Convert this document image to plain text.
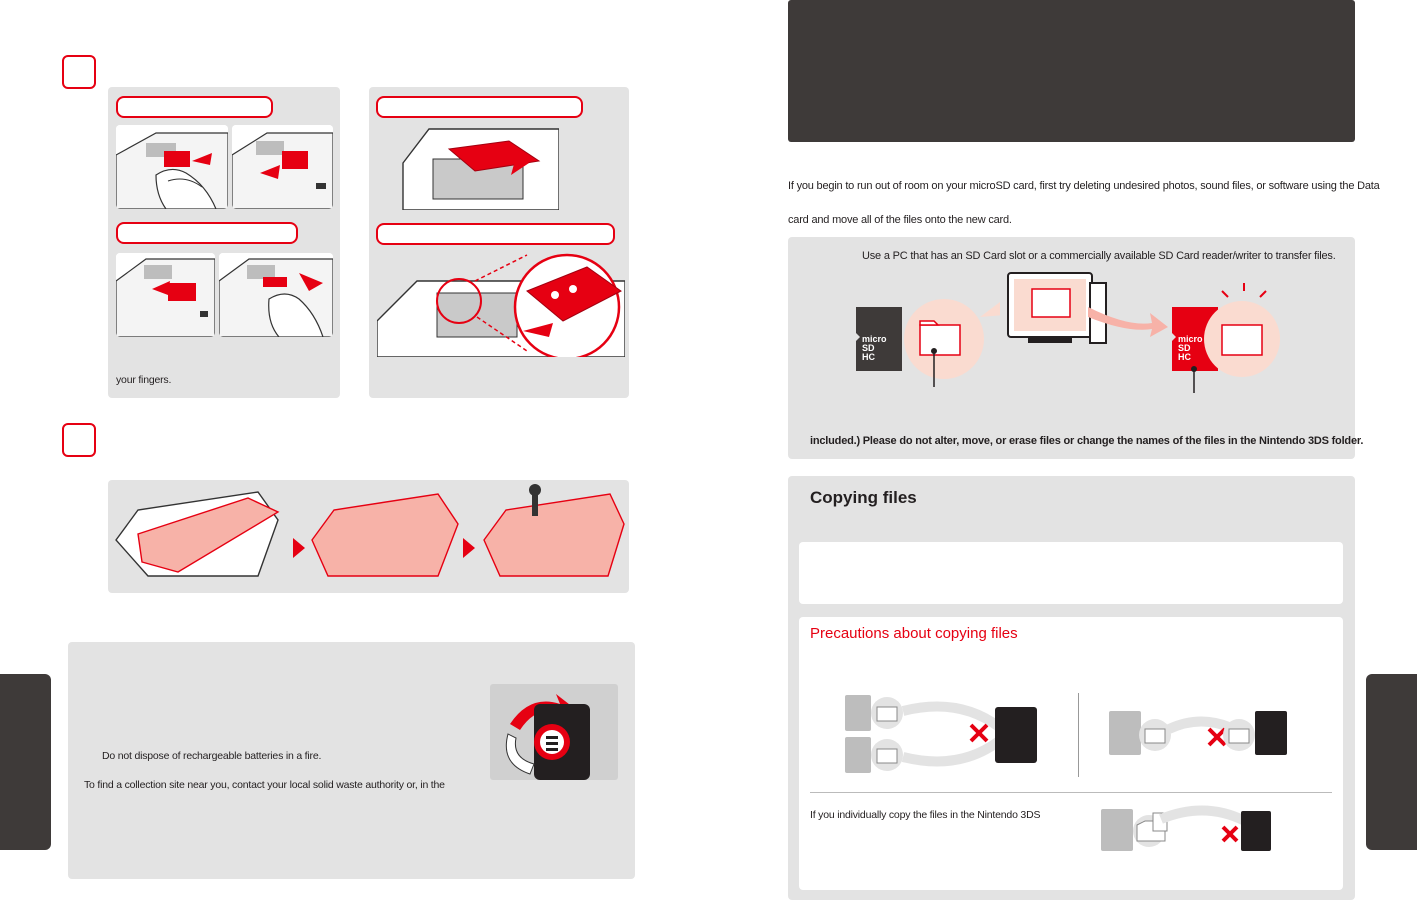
your fingers.
Do not dispose of rechargeable batteries in a fire.
To find a collection site near you, contact your local solid waste authority or, in the
If you begin to run out of room on your microSD card, first try deleting undesired photos, sound files, or software using the Data
card and move all of the files onto the new card.
Use a PC that has an SD Card slot or a commercially available SD Card reader/writer to transfer files.
micro
SD
HC
micro
SD
HC
included.) Please do not alter, move, or erase files or change the names of the files in the Nintendo 3DS folder.
Copying files
Precautions about copying files
If you individually copy the files in the Nintendo 3DS
